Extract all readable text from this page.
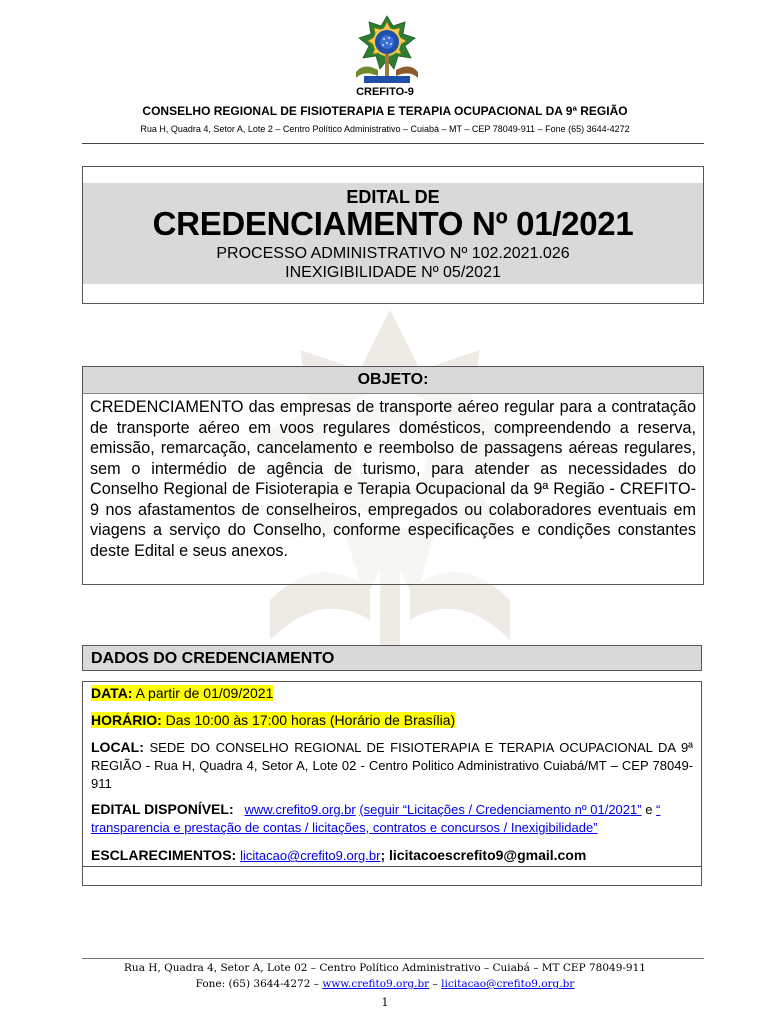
CREFITO-9
CONSELHO REGIONAL DE FISIOTERAPIA E TERAPIA OCUPACIONAL DA 9ª REGIÃO
Rua H, Quadra 4, Setor A, Lote 2 – Centro Político Administrativo – Cuiabá – MT – CEP 78049-911 – Fone (65) 3644-4272
EDITAL DE
CREDENCIAMENTO Nº 01/2021
PROCESSO ADMINISTRATIVO Nº 102.2021.026
INEXIGIBILIDADE Nº 05/2021
OBJETO:
CREDENCIAMENTO das empresas de transporte aéreo regular para a contratação de transporte aéreo em voos regulares domésticos, compreendendo a reserva, emissão, remarcação, cancelamento e reembolso de passagens aéreas regulares, sem o intermédio de agência de turismo, para atender as necessidades do Conselho Regional de Fisioterapia e Terapia Ocupacional da 9ª Região - CREFITO-9 nos afastamentos de conselheiros, empregados ou colaboradores eventuais em viagens a serviço do Conselho, conforme especificações e condições constantes deste Edital e seus anexos.
DADOS DO CREDENCIAMENTO
DATA: A partir de 01/09/2021
HORÁRIO: Das 10:00 às 17:00 horas (Horário de Brasília)
LOCAL: SEDE DO CONSELHO REGIONAL DE FISIOTERAPIA E TERAPIA OCUPACIONAL DA 9ª REGIÃO - Rua H, Quadra 4, Setor A, Lote 02 - Centro Politico Administrativo Cuiabá/MT – CEP 78049-911
EDITAL DISPONÍVEL: www.crefito9.org.br (seguir “Licitações / Credenciamento nº 01/2021” e “ transparencia e prestação de contas / licitações, contratos e concursos / Inexigibilidade”
ESCLARECIMENTOS: licitacao@crefito9.org.br; licitacoescrefito9@gmail.com
Rua H, Quadra 4, Setor A, Lote 02 – Centro Político Administrativo – Cuiabá – MT CEP 78049-911
Fone: (65) 3644-4272 – www.crefito9.org.br – licitacao@crefito9.org.br
1
